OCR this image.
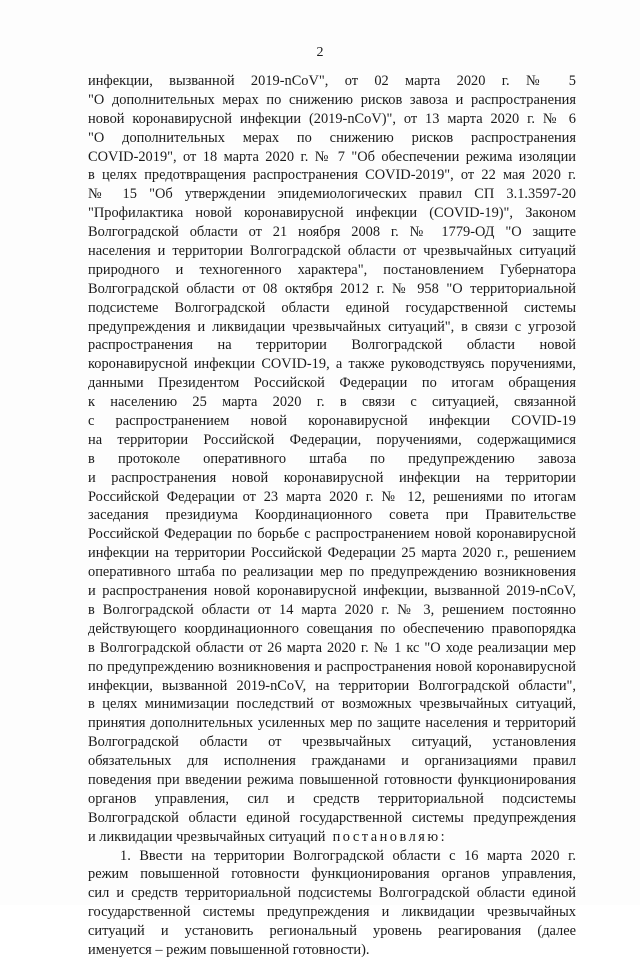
2
инфекции, вызванной 2019-nCoV", от 02 марта 2020 г. № 5
"О дополнительных мерах по снижению рисков завоза и распространения
новой коронавирусной инфекции (2019-nCoV)", от 13 марта 2020 г. № 6
"О дополнительных мерах по снижению рисков распространения
COVID-2019", от 18 марта 2020 г. № 7 "Об обеспечении режима изоляции
в целях предотвращения распространения COVID-2019", от 22 мая 2020 г.
№ 15 "Об утверждении эпидемиологических правил СП 3.1.3597-20
"Профилактика новой коронавирусной инфекции (COVID-19)", Законом
Волгоградской области от 21 ноября 2008 г. № 1779-ОД "О защите
населения и территории Волгоградской области от чрезвычайных ситуаций
природного и техногенного характера", постановлением Губернатора
Волгоградской области от 08 октября 2012 г. № 958 "О территориальной
подсистеме Волгоградской области единой государственной системы
предупреждения и ликвидации чрезвычайных ситуаций", в связи с угрозой
распространения на территории Волгоградской области новой
коронавирусной инфекции COVID-19, а также руководствуясь поручениями,
данными Президентом Российской Федерации по итогам обращения
к населению 25 марта 2020 г. в связи с ситуацией, связанной
с распространением новой коронавирусной инфекции COVID-19
на территории Российской Федерации, поручениями, содержащимися
в протоколе оперативного штаба по предупреждению завоза
и распространения новой коронавирусной инфекции на территории
Российской Федерации от 23 марта 2020 г. № 12, решениями по итогам
заседания президиума Координационного совета при Правительстве
Российской Федерации по борьбе с распространением новой коронавирусной
инфекции на территории Российской Федерации 25 марта 2020 г., решением
оперативного штаба по реализации мер по предупреждению возникновения
и распространения новой коронавирусной инфекции, вызванной 2019-nCoV,
в Волгоградской области от 14 марта 2020 г. № 3, решением постоянно
действующего координационного совещания по обеспечению правопорядка
в Волгоградской области от 26 марта 2020 г. № 1 кс "О ходе реализации мер
по предупреждению возникновения и распространения новой коронавирусной
инфекции, вызванной 2019-nCoV, на территории Волгоградской области",
в целях минимизации последствий от возможных чрезвычайных ситуаций,
принятия дополнительных усиленных мер по защите населения и территорий
Волгоградской области от чрезвычайных ситуаций, установления
обязательных для исполнения гражданами и организациями правил
поведения при введении режима повышенной готовности функционирования
органов управления, сил и средств территориальной подсистемы
Волгоградской области единой государственной системы предупреждения
и ликвидации чрезвычайных ситуаций постановляю:
1. Ввести на территории Волгоградской области с 16 марта 2020 г.
режим повышенной готовности функционирования органов управления,
сил и средств территориальной подсистемы Волгоградской области единой
государственной системы предупреждения и ликвидации чрезвычайных
ситуаций и установить региональный уровень реагирования (далее
именуется – режим повышенной готовности).
